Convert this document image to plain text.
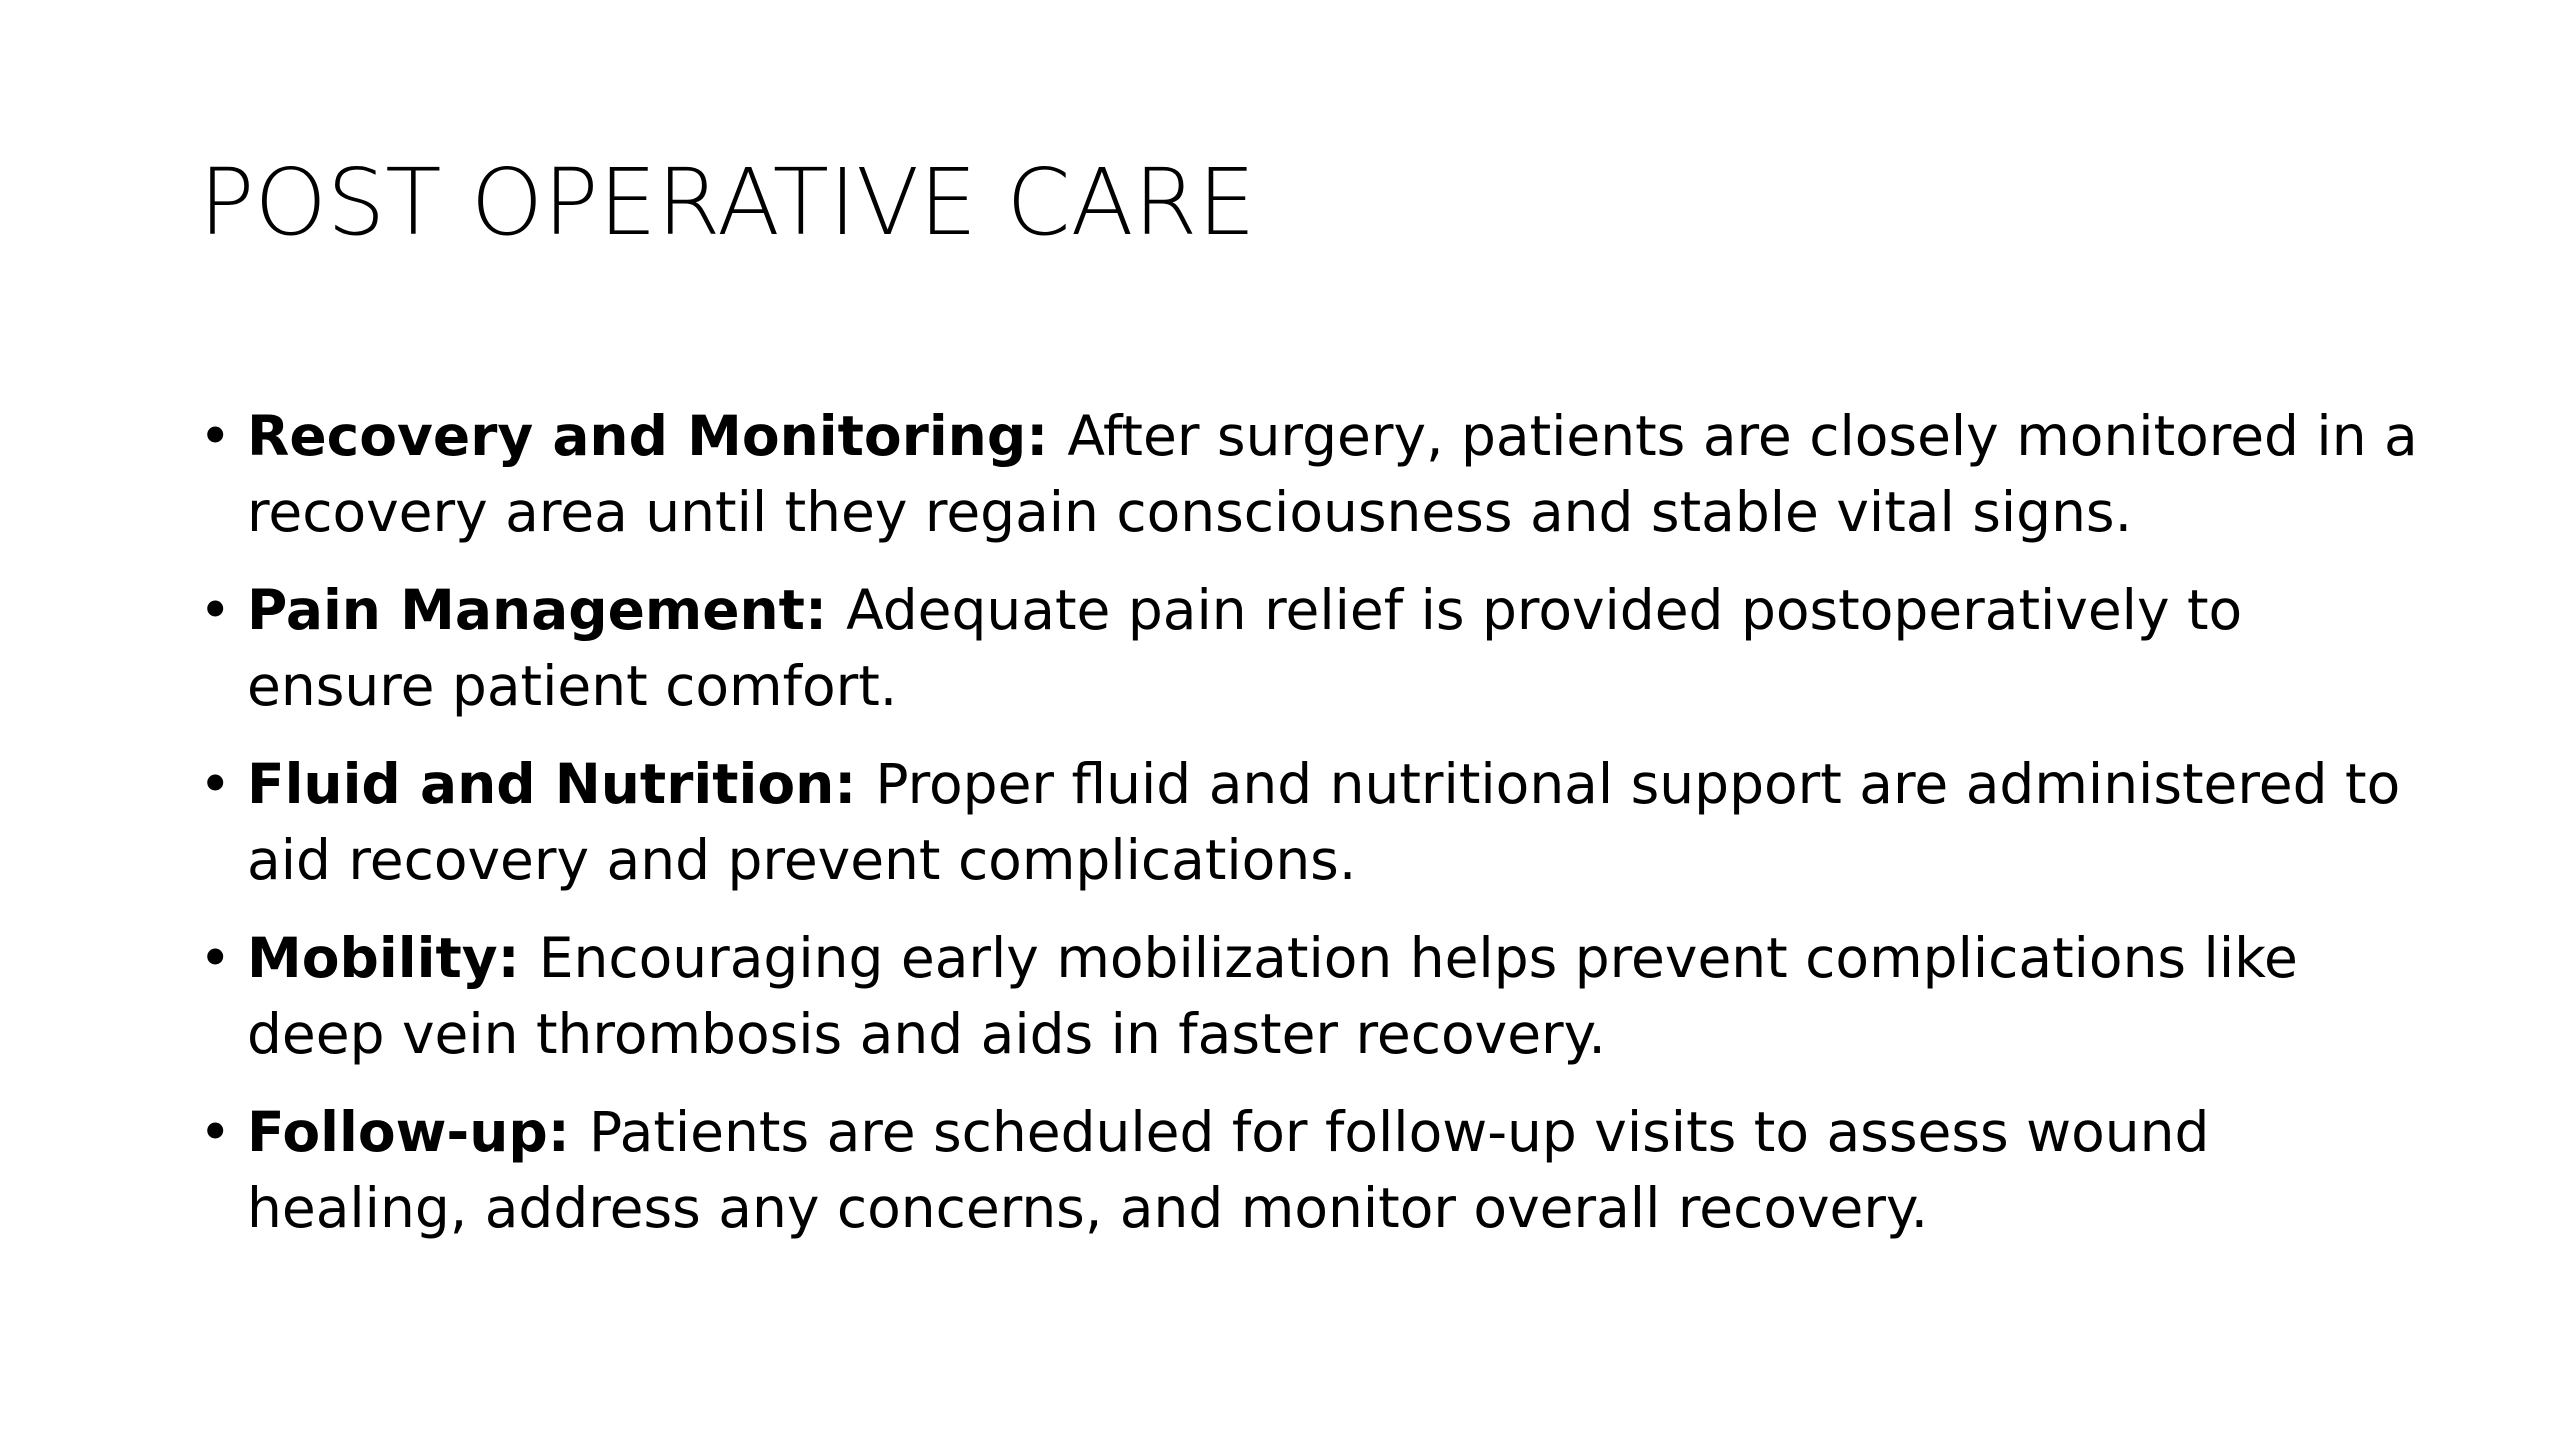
POST OPERATIVE CARE
• Recovery and Monitoring: After surgery, patients are closely monitored in a recovery area until they regain consciousness and stable vital signs.
• Pain Management: Adequate pain relief is provided postoperatively to ensure patient comfort.
• Fluid and Nutrition: Proper fluid and nutritional support are administered to aid recovery and prevent complications.
• Mobility: Encouraging early mobilization helps prevent complications like deep vein thrombosis and aids in faster recovery.
• Follow-up: Patients are scheduled for follow-up visits to assess wound healing, address any concerns, and monitor overall recovery.
